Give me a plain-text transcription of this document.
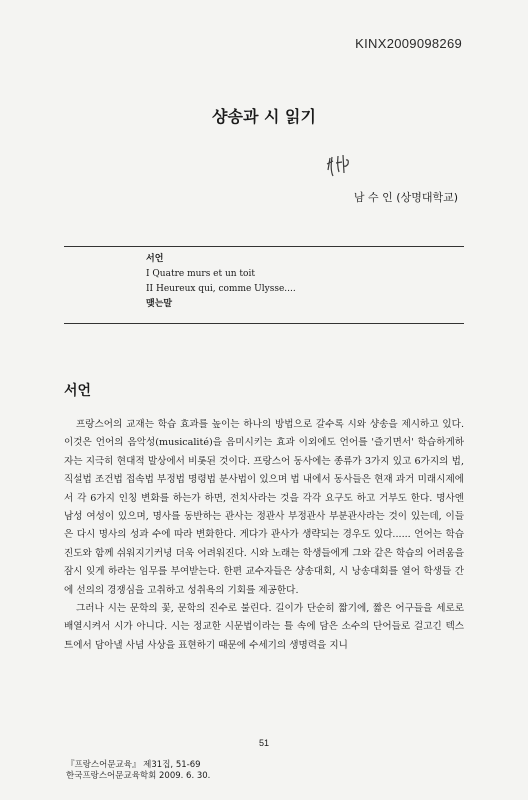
KINX2009098269
샹송과 시 읽기
남 수 인 (상명대학교)
서언
I Quatre murs et un toit
II Heureux qui, comme Ulysse....
맺는말
서언

프랑스어의 교재는 학습 효과를 높이는 하나의 방법으로 갈수록 시와 샹송을 제시하고 있다. 이것은 언어의 음악성(musicalité)을 음미시키는 효과 이외에도 언어를 '즐기면서' 학습하게하자는 지극히 현대적 발상에서 비롯된 것이다. 프랑스어 동사에는 종류가 3가지 있고 6가지의 법, 직설법 조건법 접속법 부정법 명령법 분사법이 있으며 법 내에서 동사들은 현재 과거 미래시제에서 각 6가지 인칭 변화를 하는가 하면, 전치사라는 것을 각각 요구도 하고 거부도 한다. 명사엔 남성 여성이 있으며, 명사를 동반하는 관사는 정관사 부정관사 부분관사라는 것이 있는데, 이들은 다시 명사의 성과 수에 따라 변화한다. 게다가 관사가 생략되는 경우도 있다...... 언어는 학습 진도와 함께 쉬워지기커녕 더욱 어려워진다. 시와 노래는 학생들에게 그와 같은 학습의 어려움을 잠시 잊게 하라는 임무를 부여받는다. 한편 교수자들은 샹송대회, 시 낭송대회를 열어 학생들 간에 선의의 경쟁심을 고취하고 성취욕의 기회를 제공한다.

그러나 시는 문학의 꽃, 문학의 진수로 불린다. 길이가 단순히 짧기에, 짧은 어구들을 세로로 배열시켜서 시가 아니다. 시는 정교한 시문법이라는 틀 속에 담은 소수의 단어들로 걸고긴 텍스트에서 담아낼 사념 사상을 표현하기 때문에 수세기의 생명력을 지니

51
『프랑스어문교육』 제31집, 51-69
한국프랑스어문교육학회 2009. 6. 30.
